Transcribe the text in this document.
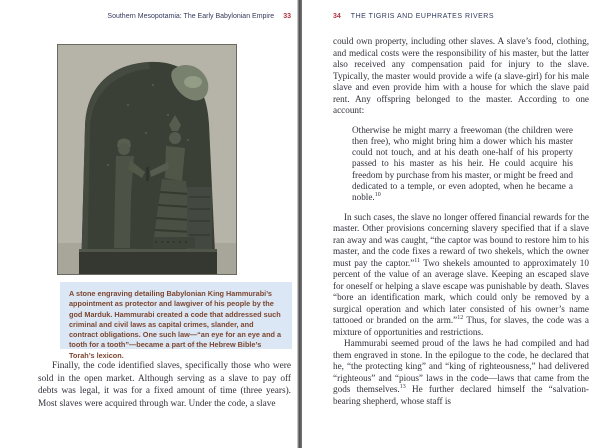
Southern Mesopotamia: The Early Babylonian Empire 33

A stone engraving detailing Babylonian King Hammurabi’s appointment as protector and lawgiver of his people by the god Marduk. Hammurabi created a code that addressed such criminal and civil laws as capital crimes, slander, and contract obligations. One such law—“an eye for an eye and a tooth for a tooth”—became a part of the Hebrew Bible’s Torah’s lexicon.

Finally, the code identified slaves, specifically those who were sold in the open market. Although serving as a slave to pay off debts was legal, it was for a fixed amount of time (three years). Most slaves were acquired through war. Under the code, a slave

34 THE TIGRIS AND EUPHRATES RIVERS

could own property, including other slaves. A slave’s food, clothing, and medical costs were the responsibility of his master, but the latter also received any compensation paid for injury to the slave. Typically, the master would provide a wife (a slave-girl) for his male slave and even provide him with a house for which the slave paid rent. Any offspring belonged to the master. According to one account:

Otherwise he might marry a freewoman (the children were then free), who might bring him a dower which his master could not touch, and at his death one-half of his property passed to his master as his heir. He could acquire his freedom by purchase from his master, or might be freed and dedicated to a temple, or even adopted, when he became a noble.$^{10}$

In such cases, the slave no longer offered financial rewards for the master. Other provisions concerning slavery specified that if a slave ran away and was caught, “the captor was bound to restore him to his master, and the code fixes a reward of two shekels, which the owner must pay the captor.”$^{11}$ Two shekels amounted to approximately 10 percent of the value of an average slave. Keeping an escaped slave for oneself or helping a slave escape was punishable by death. Slaves “bore an identification mark, which could only be removed by a surgical operation and which later consisted of his owner’s name tattooed or branded on the arm.”$^{12}$ Thus, for slaves, the code was a mixture of opportunities and restrictions.

Hammurabi seemed proud of the laws he had compiled and had them engraved in stone. In the epilogue to the code, he declared that he, “the protecting king” and “king of righteousness,” had delivered “righteous” and “pious” laws in the code—laws that came from the gods themselves.$^{13}$ He further declared himself the “salvation-bearing shepherd, whose staff is
